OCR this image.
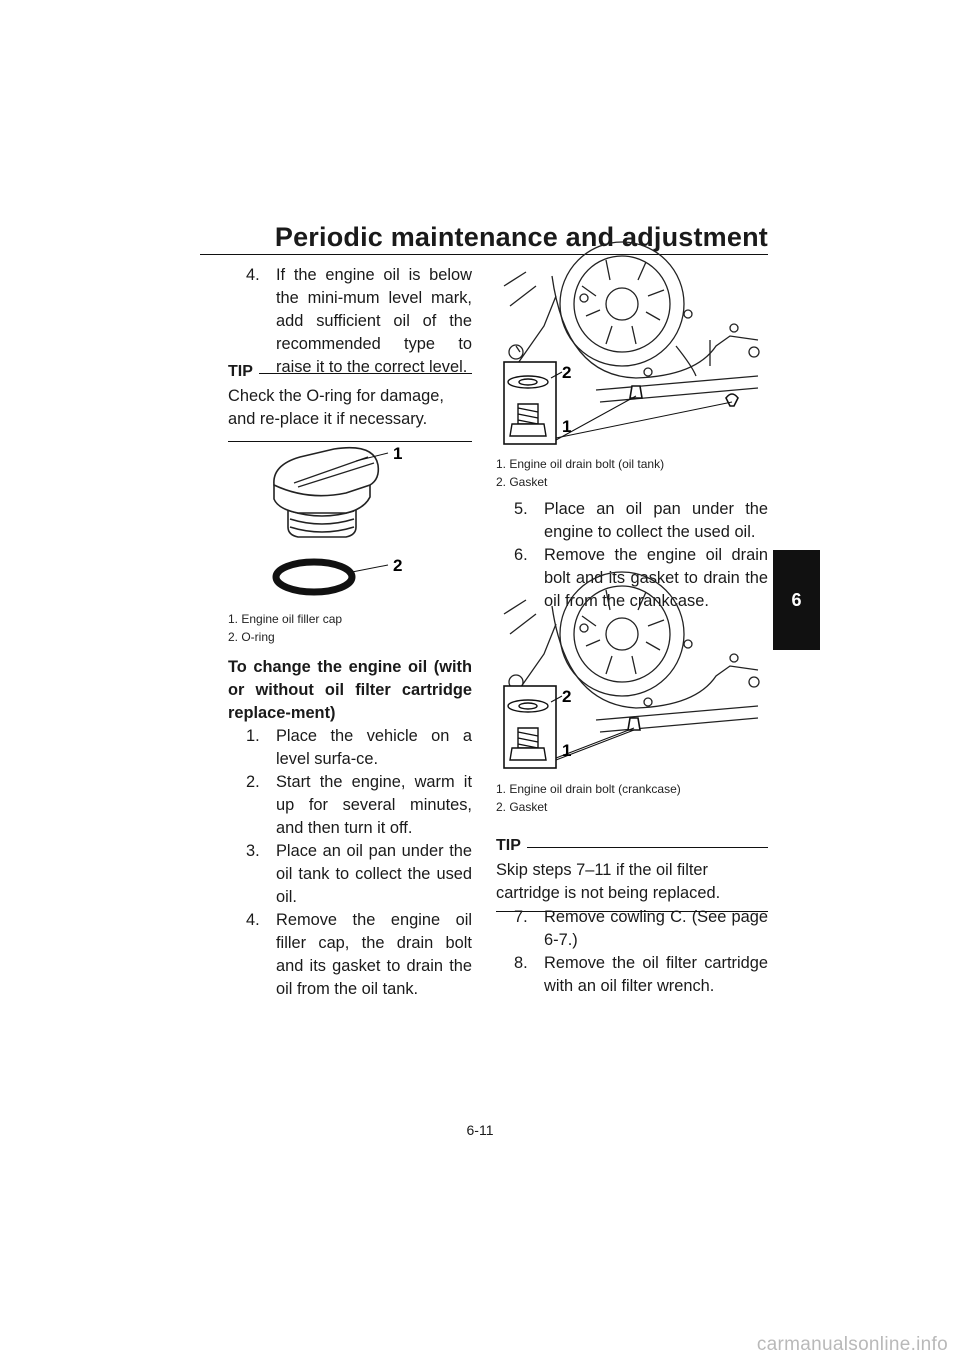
Periodic maintenance and adjustment
6
4. If the engine oil is below the mini-mum level mark, add sufficient oil of the recommended type to raise it to the correct level.
TIP
Check the O-ring for damage, and re-place it if necessary.
1
2
1. Engine oil filler cap
2. O-ring
To change the engine oil (with or without oil filter cartridge replace-ment)
1. Place the vehicle on a level surfa-ce.
2. Start the engine, warm it up for several minutes, and then turn it off.
3. Place an oil pan under the oil tank to collect the used oil.
4. Remove the engine oil filler cap, the drain bolt and its gasket to drain the oil from the oil tank.
2
1
1. Engine oil drain bolt (oil tank)
2. Gasket
5. Place an oil pan under the engine to collect the used oil.
6. Remove the engine oil drain bolt and its gasket to drain the oil from the crankcase.
2
1
1. Engine oil drain bolt (crankcase)
2. Gasket
TIP
Skip steps 7–11 if the oil filter cartridge is not being replaced.
7. Remove cowling C. (See page 6-7.)
8. Remove the oil filter cartridge with an oil filter wrench.
6-11
carmanualsonline.info
